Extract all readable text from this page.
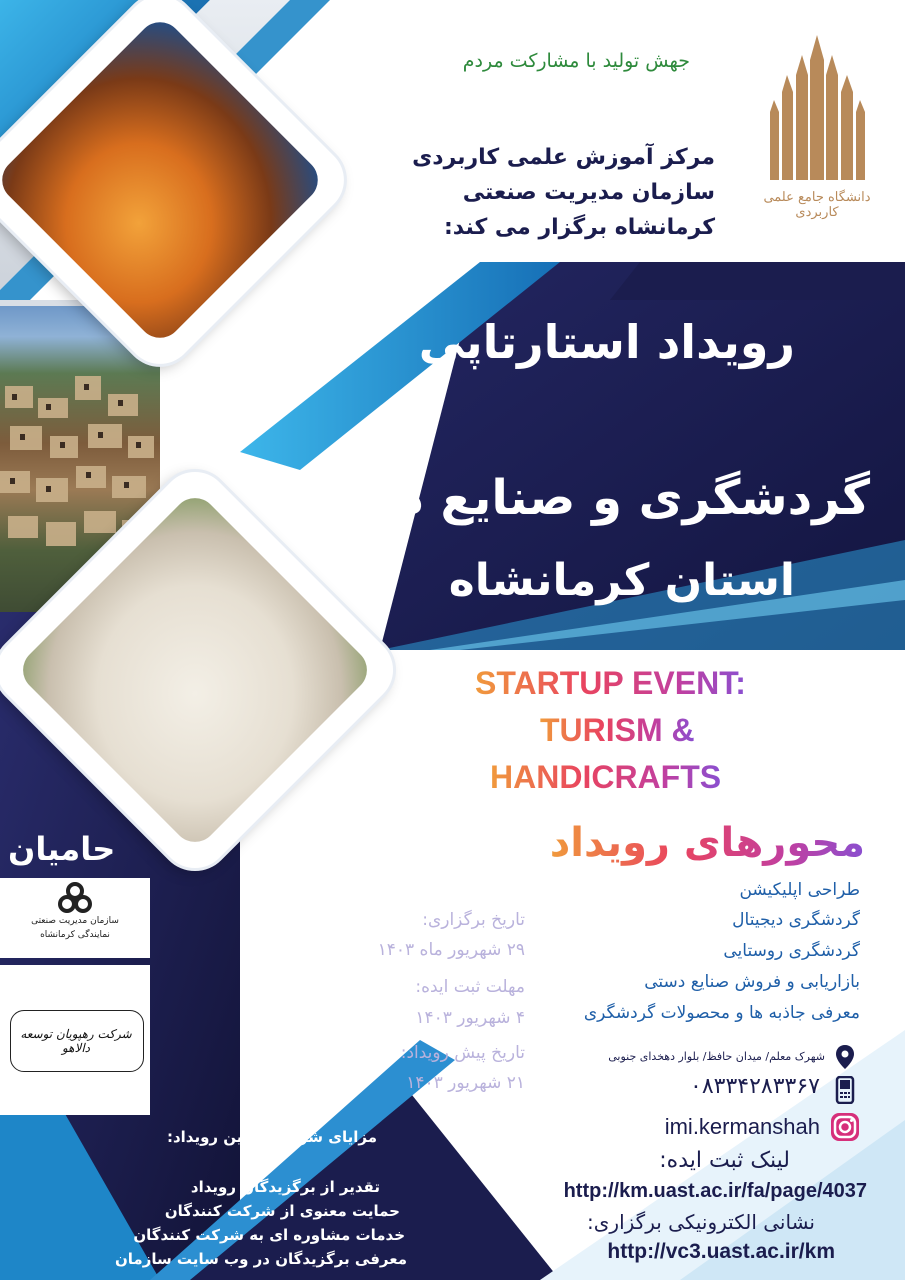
دانشگاه جامع علمی کاربردی
جهش تولید با مشارکت مردم
مرکز آموزش علمی کاربردی
سازمان مدیریت صنعتی
کرمانشاه برگزار می کند:
رویداد استارتاپی
گردشگری و صنایع دستی
استان کرمانشاه
STARTUP EVENT:
TURISM &
HANDICRAFTS
حامیان
سازمان مدیریت صنعتی
نمایندگی کرمانشاه
شرکت رهپویان توسعه دالاهو
محورهای رویداد
طراحی اپلیکیشن
گردشگری دیجیتال
گردشگری روستایی
بازاریابی و فروش صنایع دستی
معرفی جاذبه ها و محصولات گردشگری
تاریخ برگزاری:
۲۹ شهریور ماه ۱۴۰۳
مهلت ثبت ایده:
۴ شهریور ۱۴۰۳
تاریخ پیش رویداد:
۲۱ شهریور ۱۴۰۳
شهرک معلم/ میدان حافظ/ بلوار دهخدای جنوبی
۰۸۳۳۴۲۸۳۳۶۷
imi.kermanshah
لینک ثبت ایده:
http://km.uast.ac.ir/fa/page/4037
نشانی الکترونیکی برگزاری:
http://vc3.uast.ac.ir/km
مزایای شرکت در این رویداد:
تقدیر از برگزیدگان رویداد
حمایت معنوی از شرکت کنندگان
خدمات مشاوره ای به شرکت کنندگان
معرفی برگزیدگان در وب سایت سازمان
